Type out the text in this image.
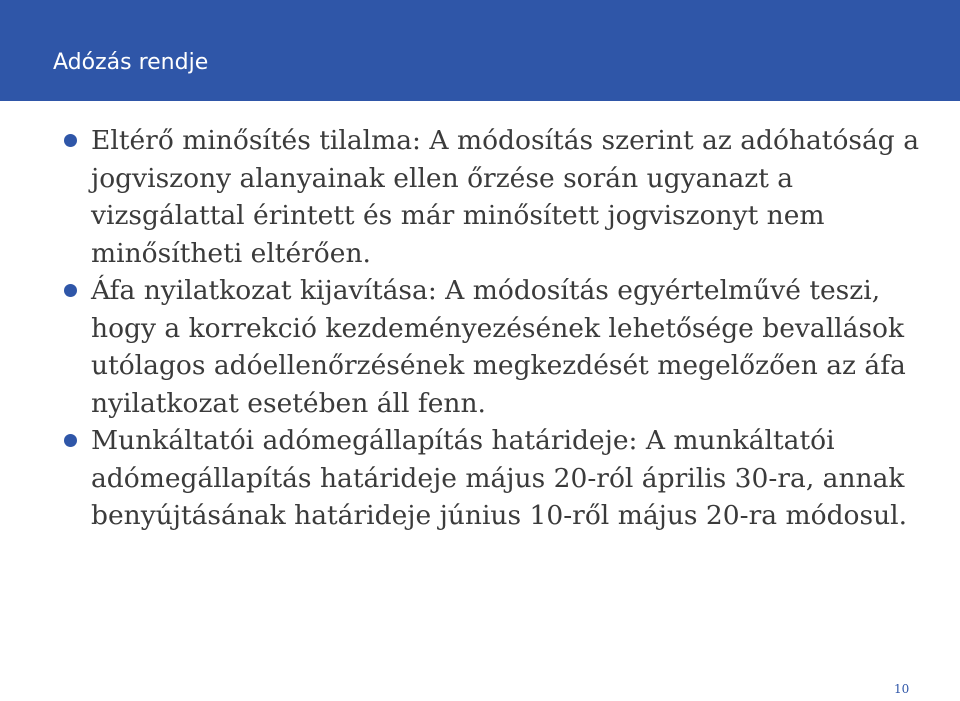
Adózás rendje
Eltérő minősítés tilalma: A módosítás szerint az adóhatóság a jogviszony alanyainak ellen őrzése során ugyanazt a vizsgálattal érintett és már minősített jogviszonyt nem minősítheti eltérően.
Áfa nyilatkozat kijavítása: A módosítás egyértelművé teszi, hogy a korrekció kezdeményezésének lehetősége bevallások utólagos adóellenőrzésének megkezdését megelőzően az áfa nyilatkozat esetében áll fenn.
Munkáltatói adómegállapítás határideje: A munkáltatói adómegállapítás határideje május 20-ról április 30-ra, annak benyújtásának határideje június 10-ről május 20-ra módosul.
10
